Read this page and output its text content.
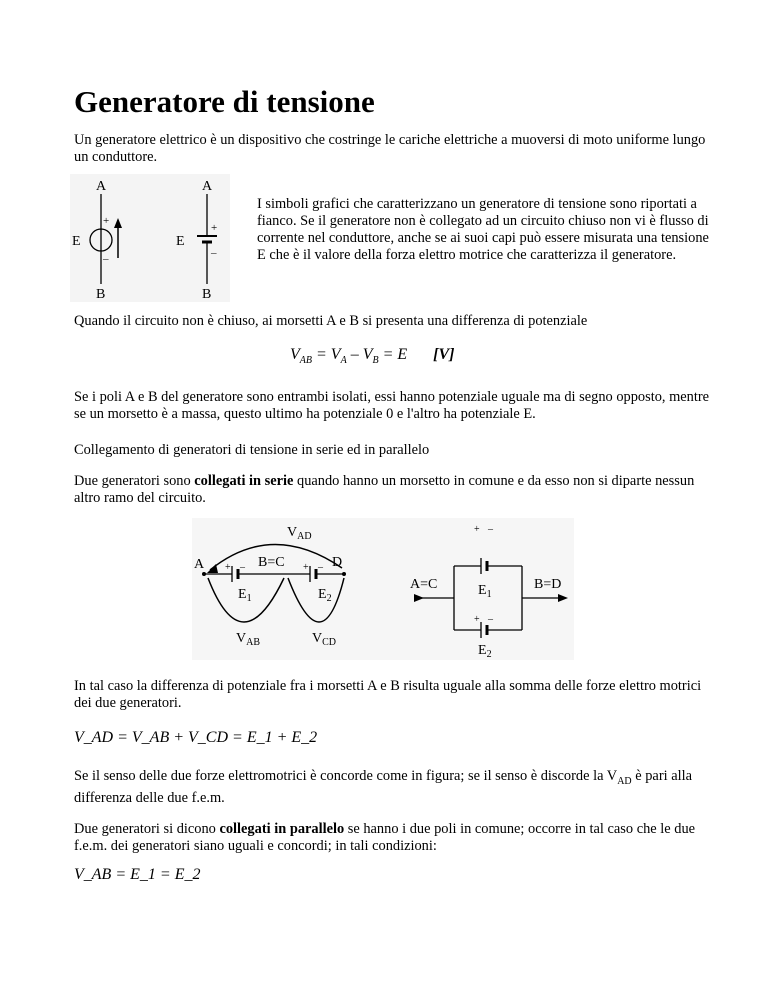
Generatore di tensione

Un generatore elettrico è un dispositivo che costringe le cariche elettriche a muoversi di moto uniforme lungo un conduttore.

A
B
E
+
–
A
B
E
+
–

I simboli grafici che caratterizzano un generatore di tensione sono riportati a fianco. Se il generatore non è collegato ad un circuito chiuso non vi è flusso di corrente nel conduttore, anche se ai suoi capi può essere misurata una tensione E che è il valore della forza elettro motrice che caratterizza il generatore.

Quando il circuito non è chiuso, ai morsetti A e B si presenta una differenza di potenziale

$V_{AB} = V_A - V_B = E$ [V]

Se i poli A e B del generatore sono entrambi isolati, essi hanno potenziale uguale ma di segno opposto, mentre se un morsetto è a massa, questo ultimo ha potenziale 0 e l'altro ha potenziale E.

Collegamento di generatori di tensione in serie ed in parallelo

Due generatori sono collegati in serie quando hanno un morsetto in comune e da esso non si diparte nessun altro ramo del circuito.

$V_{AD}$
A + –	+ –
B=C	D
$E_1$	$E_2$
$V_{AB}$	$V_{CD}$
A=C
+ –
+ –
$E_1$
$E_2$
B=D

In tal caso la differenza di potenziale fra i morsetti A e B risulta uguale alla somma delle forze elettro motrici dei due generatori.

V_AD = V_AB + V_CD = E_1 + E_2

Se il senso delle due forze elettromotrici è concorde come in figura; se il senso è discorde la $V_{AD}$ è pari alla differenza delle due f.e.m.

Due generatori si dicono collegati in parallelo se hanno i due poli in comune; occorre in tal caso che le due f.e.m. dei generatori siano uguali e concordi; in tali condizioni:

V_AB = E_1 = E_2
